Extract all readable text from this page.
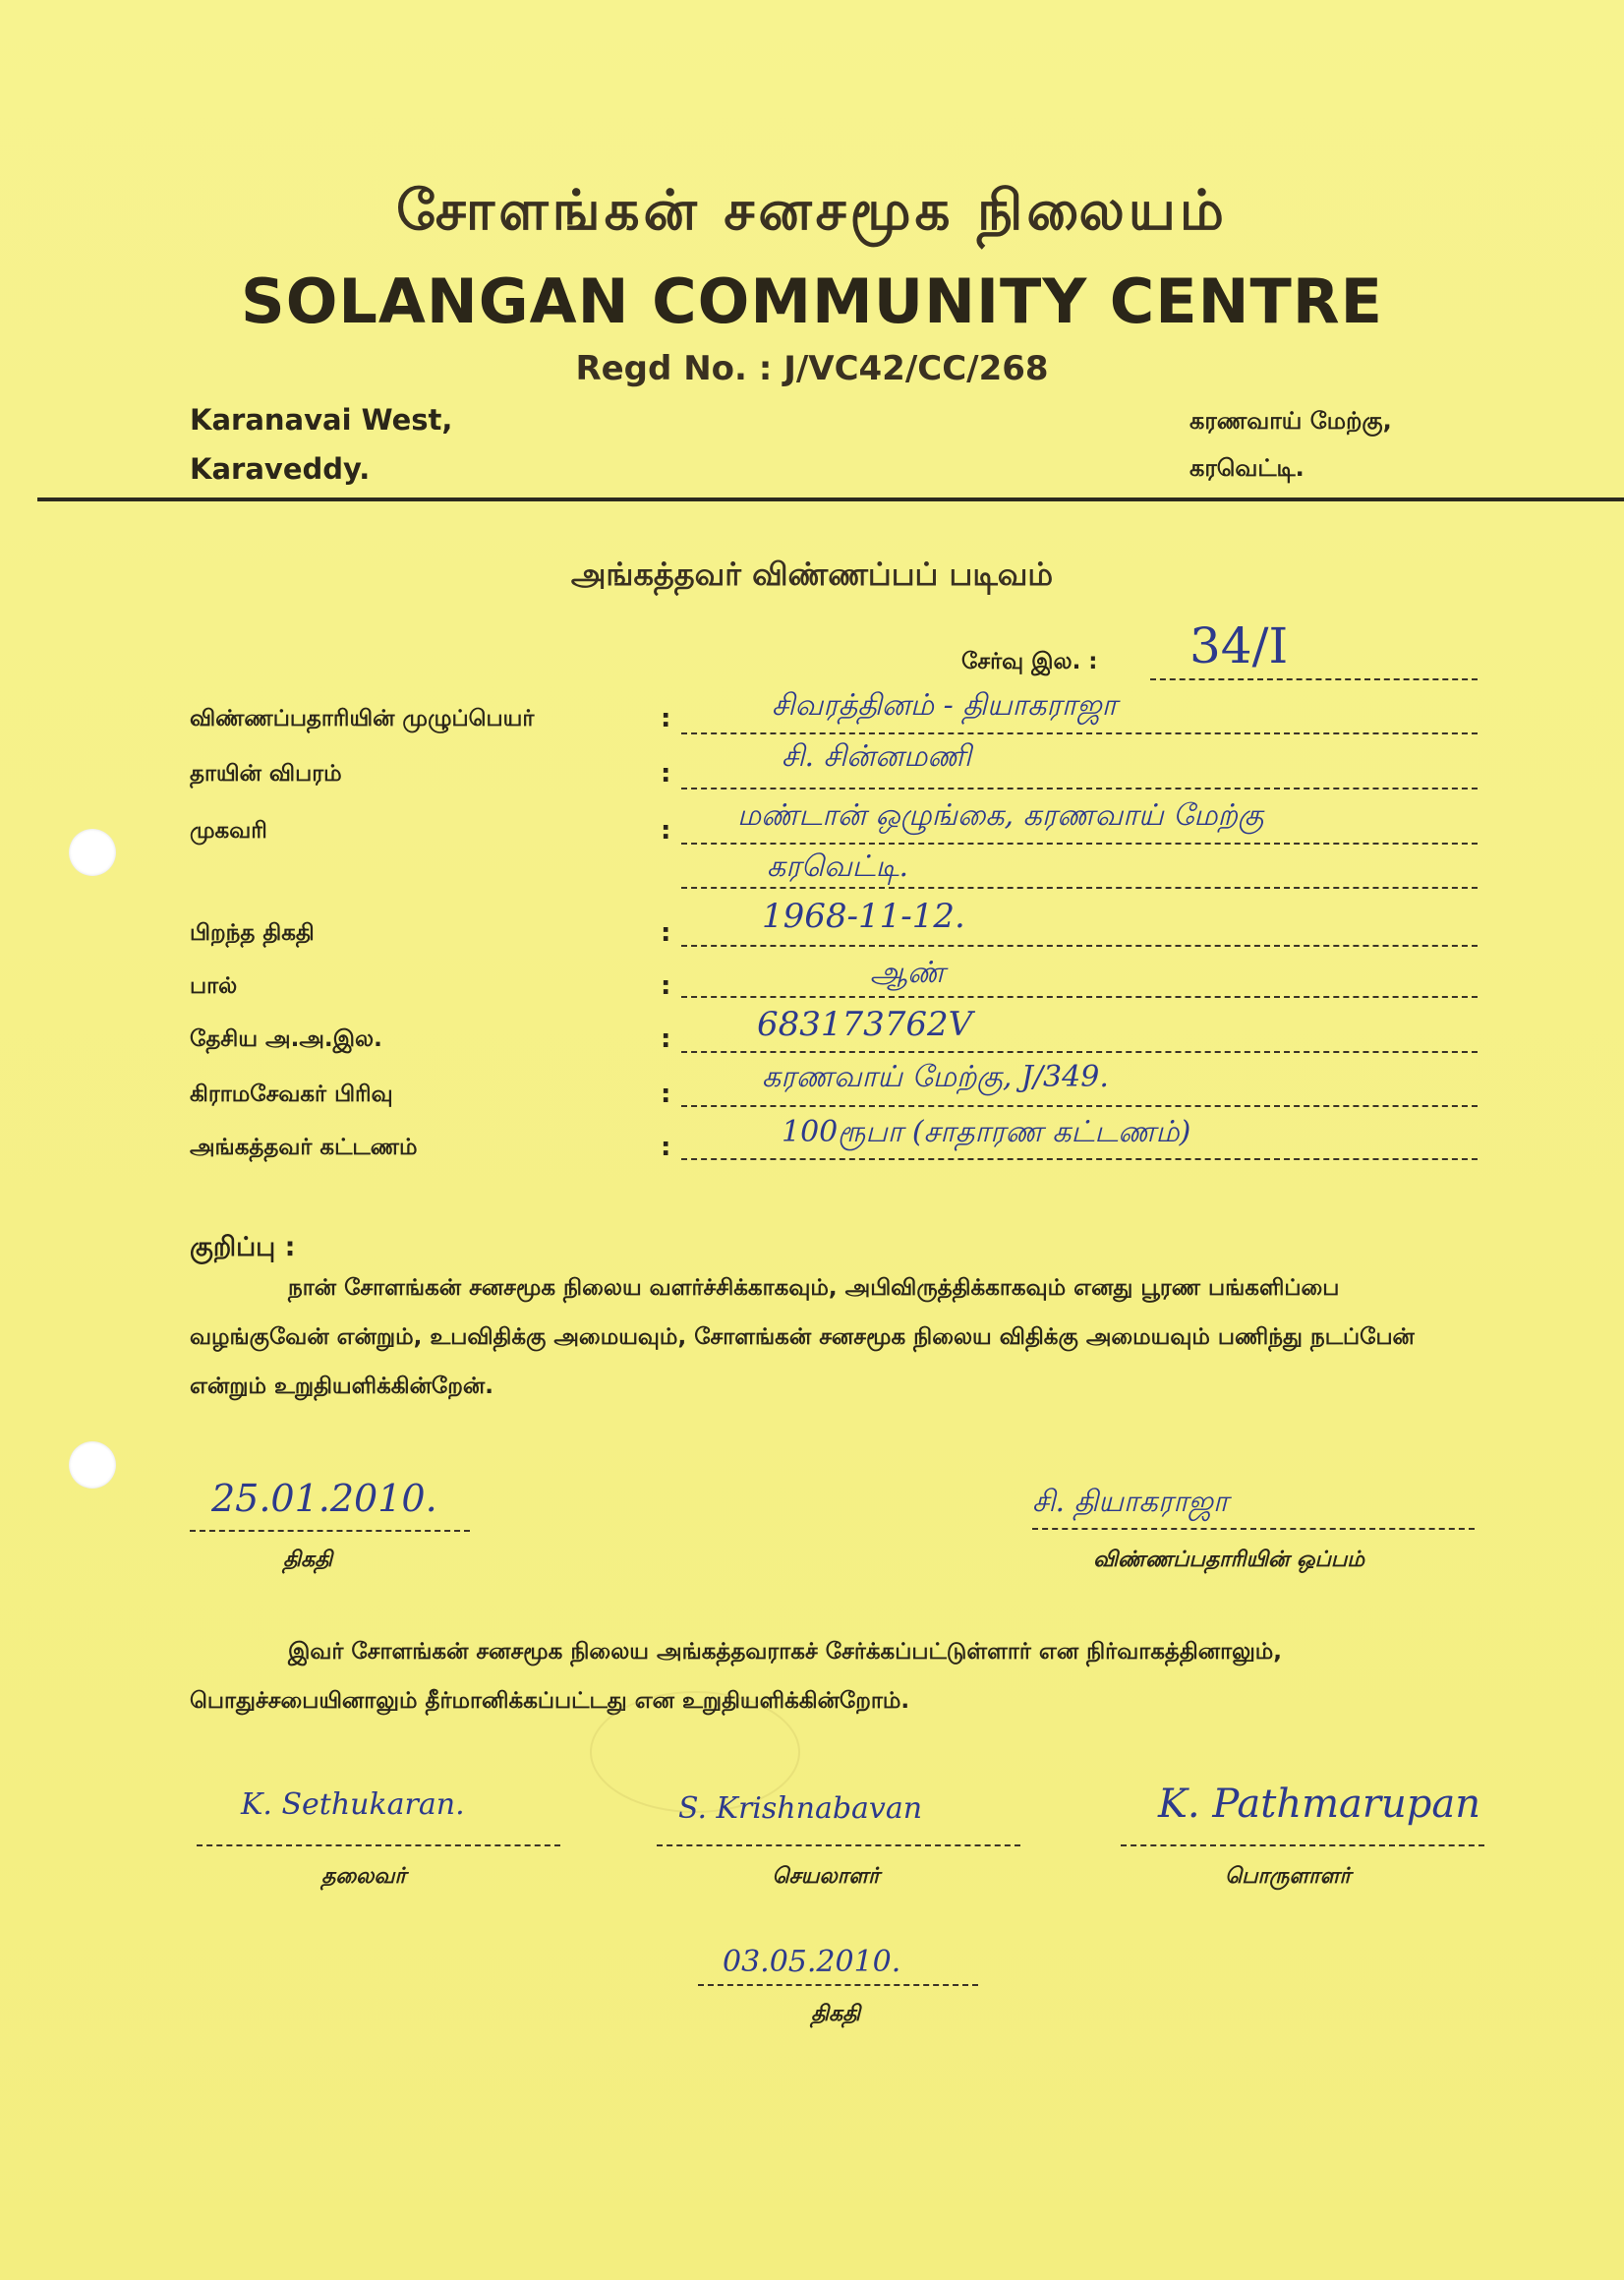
சோளங்கன் சனசமூக நிலையம்
SOLANGAN COMMUNITY CENTRE
Regd No. : J/VC42/CC/268
Karanavai West,
Karaveddy.
கரணவாய் மேற்கு,
கரவெட்டி.
அங்கத்தவர் விண்ணப்பப் படிவம்
சேர்வு இல. : 34/I
விண்ணப்பதாரியின் முழுப்பெயர்	:	சிவரத்தினம் - தியாகராஜா
தாயின் விபரம்	:	சி. சின்னமணி
முகவரி	: மண்டான் ஒழுங்கை, கரணவாய் மேற்கு
கரவெட்டி.
பிறந்த திகதி	:	1968-11-12.
பால்	:	ஆண்
தேசிய அ.அ.இல.	:	683173762V
கிராமசேவகர் பிரிவு	:	கரணவாய் மேற்கு, J/349.
அங்கத்தவர் கட்டணம்	:	100ரூபா (சாதாரண கட்டணம்)
குறிப்பு :
நான் சோளங்கன் சனசமூக நிலைய வளர்ச்சிக்காகவும், அபிவிருத்திக்காகவும் எனது பூரண பங்களிப்பை வழங்குவேன் என்றும், உபவிதிக்கு அமையவும், சோளங்கன் சனசமூக நிலைய விதிக்கு அமையவும் பணிந்து நடப்பேன் என்றும் உறுதியளிக்கின்றேன்.
25.01.2010.
திகதி
சி. தியாகராஜா
விண்ணப்பதாரியின் ஒப்பம்
இவர் சோளங்கன் சனசமூக நிலைய அங்கத்தவராகச் சேர்க்கப்பட்டுள்ளார் என நிர்வாகத்தினாலும், பொதுச்சபையினாலும் தீர்மானிக்கப்பட்டது என உறுதியளிக்கின்றோம்.
K. Sethukaran.
தலைவர்
S. Krishnabavan
செயலாளர்
K. Pathmarupan
பொருளாளர்
03.05.2010.
திகதி
